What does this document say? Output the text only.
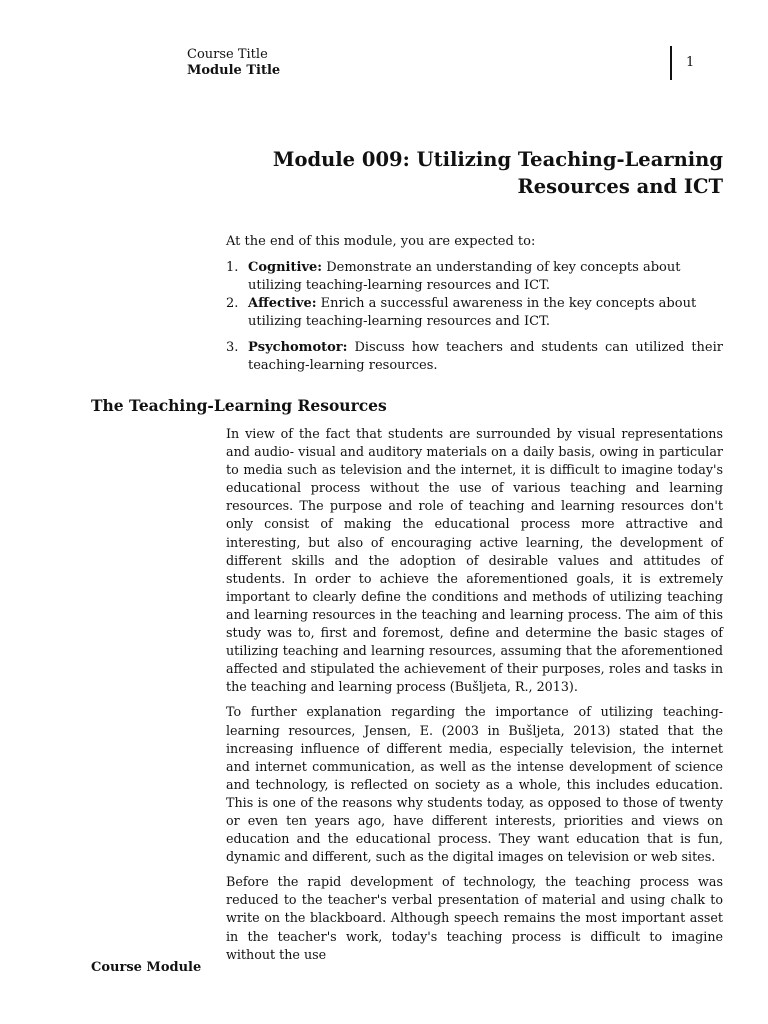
Course Title
Module Title
1
Module 009: Utilizing Teaching-Learning
Resources and ICT
At the end of this module, you are expected to:
1. Cognitive: Demonstrate an understanding of key concepts about utilizing teaching-learning resources and ICT.
2. Affective: Enrich a successful awareness in the key concepts about utilizing teaching-learning resources and ICT.
3. Psychomotor: Discuss how teachers and students can utilized their teaching-learning resources.
The Teaching-Learning Resources

In view of the fact that students are surrounded by visual representations and audio- visual and auditory materials on a daily basis, owing in particular to media such as television and the internet, it is difficult to imagine today's educational process without the use of various teaching and learning resources. The purpose and role of teaching and learning resources don't only consist of making the educational process more attractive and interesting, but also of encouraging active learning, the development of different skills and the adoption of desirable values and attitudes of students. In order to achieve the aforementioned goals, it is extremely important to clearly define the conditions and methods of utilizing teaching and learning resources in the teaching and learning process. The aim of this study was to, first and foremost, define and determine the basic stages of utilizing teaching and learning resources, assuming that the aforementioned affected and stipulated the achievement of their purposes, roles and tasks in the teaching and learning process (Bušljeta, R., 2013).

To further explanation regarding the importance of utilizing teaching-learning resources, Jensen, E. (2003 in Bušljeta, 2013) stated that the increasing influence of different media, especially television, the internet and internet communication, as well as the intense development of science and technology, is reflected on society as a whole, this includes education. This is one of the reasons why students today, as opposed to those of twenty or even ten years ago, have different interests, priorities and views on education and the educational process. They want education that is fun, dynamic and different, such as the digital images on television or web sites.

Before the rapid development of technology, the teaching process was reduced to the teacher's verbal presentation of material and using chalk to write on the blackboard. Although speech remains the most important asset in the teacher's work, today's teaching process is difficult to imagine without the use

Course Module
